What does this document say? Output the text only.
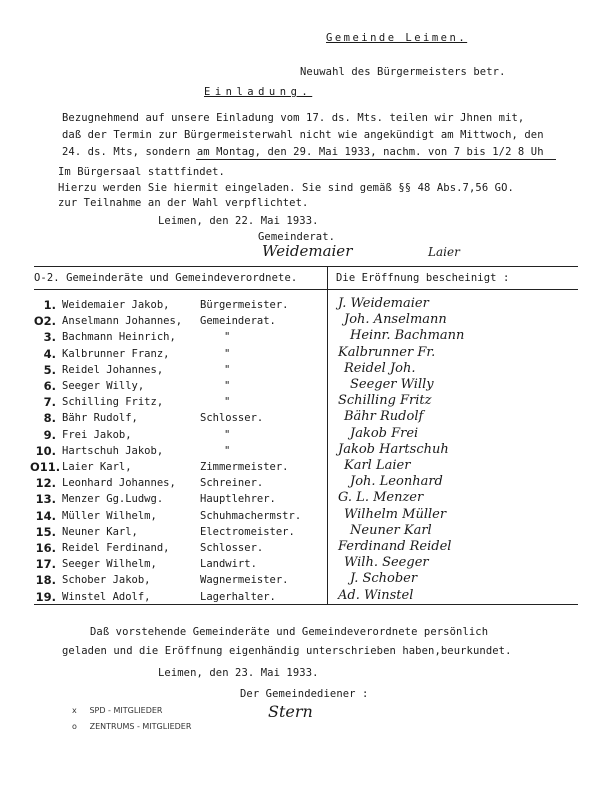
Gemeinde Leimen.
Neuwahl des Bürgermeisters betr.
Einladung.
Bezugnehmend auf unsere Einladung vom 17. ds. Mts. teilen wir Jhnen mit,
daß der Termin zur Bürgermeisterwahl nicht wie angekündigt am Mittwoch, den
24. ds. Mts, sondern am Montag, den 29. Mai 1933, nachm. von 7 bis 1/2 8 Uh
Im Bürgersaal stattfindet.
Hierzu werden Sie hiermit eingeladen. Sie sind gemäß §§ 48 Abs.7,56 GO.
zur Teilnahme an der Wahl verpflichtet.
Leimen, den 22. Mai 1933.
Gemeinderat.
Weidemaier	Laier
O-2. Gemeinderäte und Gemeindeverordnete.	Die Eröffnung bescheinigt :
1. Weidemaier Jakob,	Bürgermeister.	J. Weidemaier
O2. Anselmann Johannes, Gemeinderat.	Joh. Anselmann
3. Bachmann Heinrich,	"	Heinr. Bachmann
4. Kalbrunner Franz,	"	Kalbrunner Fr.
5. Reidel Johannes,	"	Reidel Joh.
6. Seeger Willy,	"	Seeger Willy
7. Schilling Fritz,	"	Schilling Fritz
8. Bähr Rudolf,	Schlosser.	Bähr Rudolf
9. Frei Jakob,	"	Jakob Frei
10. Hartschuh Jakob,	"	Jakob Hartschuh
O11. Laier Karl,	Zimmermeister.	Karl Laier
12. Leonhard Johannes, Schreiner.	Joh. Leonhard
13. Menzer Gg.Ludwg.	Hauptlehrer.	G. L. Menzer
14. Müller Wilhelm,	Schuhmachermstr.	Wilhelm Müller
15. Neuner Karl,	Electromeister.	Neuner Karl
16. Reidel Ferdinand,	Schlosser.	Ferdinand Reidel
17. Seeger Wilhelm,	Landwirt.	Wilh. Seeger
18. Schober Jakob,	Wagnermeister.	J. Schober
19. Winstel Adolf,	Lagerhalter.	Ad. Winstel
Daß vorstehende Gemeinderäte und Gemeindeverordnete persönlich
geladen und die Eröffnung eigenhändig unterschrieben haben,beurkundet.
Leimen, den 23. Mai 1933.
Der Gemeindediener :
Stern
x SPD - MITGLIEDER
o ZENTRUMS - MITGLIEDER
